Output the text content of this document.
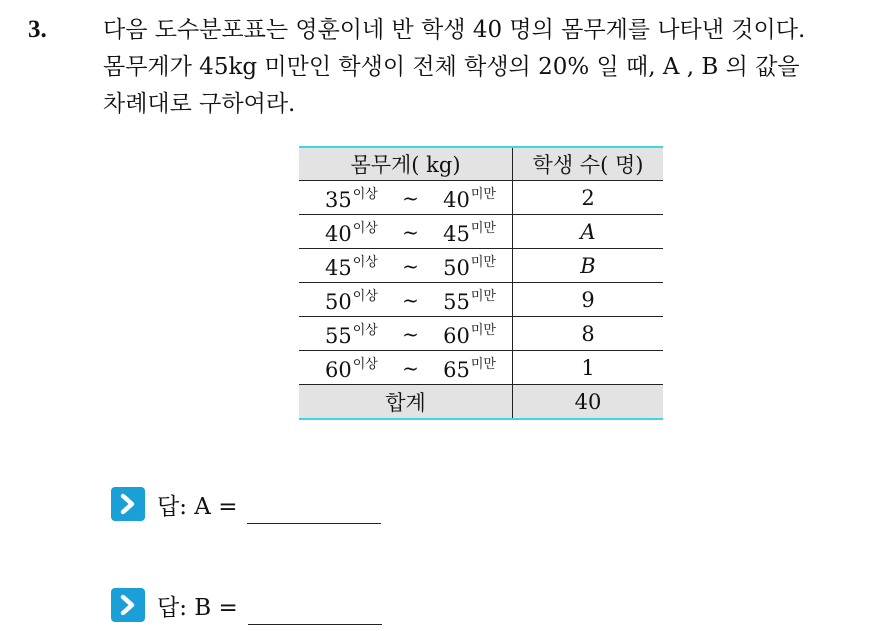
3. 다음 도수분포표는 영훈이네 반 학생 40 명의 몸무게를 나타낸 것이다.
몸무게가 45kg 미만인 학생이 전체 학생의 20% 일 때, A , B 의 값을
차례대로 구하여라.
몸무게( kg)	학생 수( 명)

$35^{이상}$ ~ $40^{미만}$	2

$40^{이상}$ ~ $45^{미만}$	A

$45^{이상}$ ~ $50^{미만}$	B

$50^{이상}$ ~ $55^{미만}$	9

$55^{이상}$ ~ $60^{미만}$	8

$60^{이상}$ ~ $65^{미만}$	1
합계	40
답: A =
답: B =
